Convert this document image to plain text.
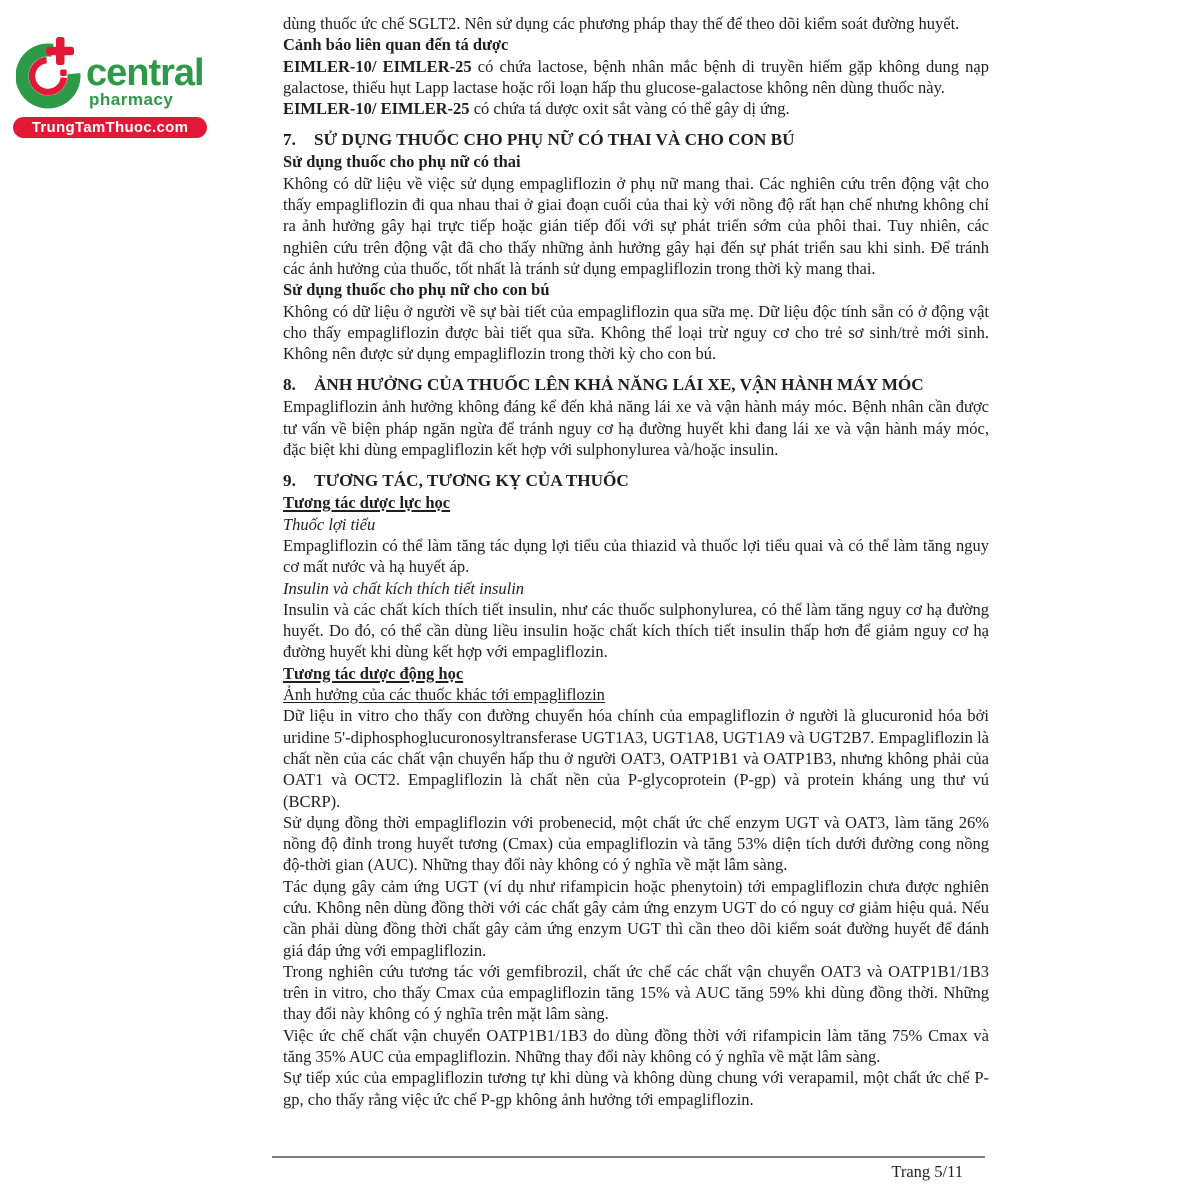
central
pharmacy
TrungTamThuoc.com

dùng thuốc ức chế SGLT2. Nên sử dụng các phương pháp thay thế để theo dõi kiểm soát đường huyết.

Cảnh báo liên quan đến tá dược

EIMLER-10/ EIMLER-25 có chứa lactose, bệnh nhân mắc bệnh di truyền hiếm gặp không dung nạp galactose, thiếu hụt Lapp lactase hoặc rối loạn hấp thu glucose-galactose không nên dùng thuốc này.

EIMLER-10/ EIMLER-25 có chứa tá dược oxit sắt vàng có thể gây dị ứng.

7. SỬ DỤNG THUỐC CHO PHỤ NỮ CÓ THAI VÀ CHO CON BÚ

Sử dụng thuốc cho phụ nữ có thai

Không có dữ liệu về việc sử dụng empagliflozin ở phụ nữ mang thai. Các nghiên cứu trên động vật cho thấy empagliflozin đi qua nhau thai ở giai đoạn cuối của thai kỳ với nồng độ rất hạn chế nhưng không chỉ ra ảnh hưởng gây hại trực tiếp hoặc gián tiếp đối với sự phát triển sớm của phôi thai. Tuy nhiên, các nghiên cứu trên động vật đã cho thấy những ảnh hưởng gây hại đến sự phát triển sau khi sinh. Để tránh các ảnh hưởng của thuốc, tốt nhất là tránh sử dụng empagliflozin trong thời kỳ mang thai.

Sử dụng thuốc cho phụ nữ cho con bú

Không có dữ liệu ở người về sự bài tiết của empagliflozin qua sữa mẹ. Dữ liệu độc tính sẵn có ở động vật cho thấy empagliflozin được bài tiết qua sữa. Không thể loại trừ nguy cơ cho trẻ sơ sinh/trẻ mới sinh. Không nên được sử dụng empagliflozin trong thời kỳ cho con bú.

8. ẢNH HƯỞNG CỦA THUỐC LÊN KHẢ NĂNG LÁI XE, VẬN HÀNH MÁY MÓC

Empagliflozin ảnh hưởng không đáng kể đến khả năng lái xe và vận hành máy móc. Bệnh nhân cần được tư vấn về biện pháp ngăn ngừa để tránh nguy cơ hạ đường huyết khi đang lái xe và vận hành máy móc, đặc biệt khi dùng empagliflozin kết hợp với sulphonylurea và/hoặc insulin.

9. TƯƠNG TÁC, TƯƠNG KỴ CỦA THUỐC

Tương tác dược lực học

Thuốc lợi tiểu

Empagliflozin có thể làm tăng tác dụng lợi tiểu của thiazid và thuốc lợi tiểu quai và có thể làm tăng nguy cơ mất nước và hạ huyết áp.

Insulin và chất kích thích tiết insulin

Insulin và các chất kích thích tiết insulin, như các thuốc sulphonylurea, có thể làm tăng nguy cơ hạ đường huyết. Do đó, có thể cần dùng liều insulin hoặc chất kích thích tiết insulin thấp hơn để giảm nguy cơ hạ đường huyết khi dùng kết hợp với empagliflozin.

Tương tác dược động học

Ảnh hưởng của các thuốc khác tới empagliflozin

Dữ liệu in vitro cho thấy con đường chuyển hóa chính của empagliflozin ở người là glucuronid hóa bởi uridine 5'-diphosphoglucuronosyltransferase UGT1A3, UGT1A8, UGT1A9 và UGT2B7. Empagliflozin là chất nền của các chất vận chuyển hấp thu ở người OAT3, OATP1B1 và OATP1B3, nhưng không phải của OAT1 và OCT2. Empagliflozin là chất nền của P-glycoprotein (P-gp) và protein kháng ung thư vú (BCRP).

Sử dụng đồng thời empagliflozin với probenecid, một chất ức chế enzym UGT và OAT3, làm tăng 26% nồng độ đỉnh trong huyết tương (Cmax) của empagliflozin và tăng 53% diện tích dưới đường cong nồng độ-thời gian (AUC). Những thay đổi này không có ý nghĩa về mặt lâm sàng.

Tác dụng gây cảm ứng UGT (ví dụ như rifampicin hoặc phenytoin) tới empagliflozin chưa được nghiên cứu. Không nên dùng đồng thời với các chất gây cảm ứng enzym UGT do có nguy cơ giảm hiệu quả. Nếu cần phải dùng đồng thời chất gây cảm ứng enzym UGT thì cần theo dõi kiểm soát đường huyết để đánh giá đáp ứng với empagliflozin.

Trong nghiên cứu tương tác với gemfibrozil, chất ức chế các chất vận chuyển OAT3 và OATP1B1/1B3 trên in vitro, cho thấy Cmax của empagliflozin tăng 15% và AUC tăng 59% khi dùng đồng thời. Những thay đổi này không có ý nghĩa trên mặt lâm sàng.

Việc ức chế chất vận chuyển OATP1B1/1B3 do dùng đồng thời với rifampicin làm tăng 75% Cmax và tăng 35% AUC của empagliflozin. Những thay đổi này không có ý nghĩa về mặt lâm sàng.

Sự tiếp xúc của empagliflozin tương tự khi dùng và không dùng chung với verapamil, một chất ức chế P-gp, cho thấy rằng việc ức chế P-gp không ảnh hưởng tới empagliflozin.

Trang 5/11
